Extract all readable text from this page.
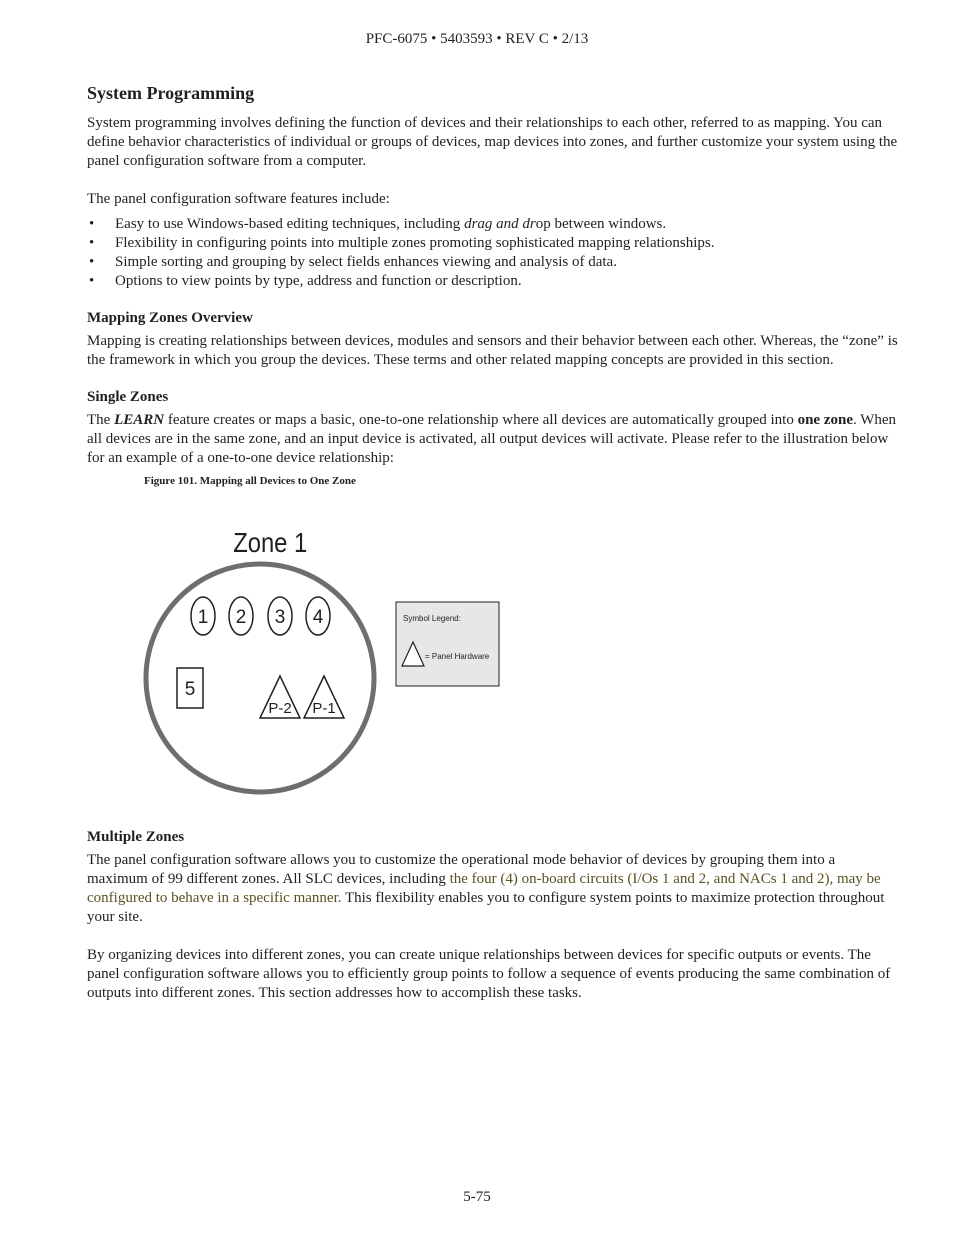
PFC-6075 • 5403593 • REV C • 2/13
System Programming

System programming involves defining the function of devices and their relationships to each other, referred to as mapping. You can define behavior characteristics of individual or groups of devices, map devices into zones, and further customize your system using the panel configuration software from a computer.

The panel configuration software features include:

• Easy to use Windows-based editing techniques, including drag and drop between windows.
• Flexibility in configuring points into multiple zones promoting sophisticated mapping relationships.
• Simple sorting and grouping by select fields enhances viewing and analysis of data.
• Options to view points by type, address and function or description.
Mapping Zones Overview

Mapping is creating relationships between devices, modules and sensors and their behavior between each other. Whereas, the “zone” is the framework in which you group the devices. These terms and other related mapping concepts are provided in this section.

Single Zones

The LEARN feature creates or maps a basic, one-to-one relationship where all devices are automatically grouped into one zone. When all devices are in the same zone, and an input device is activated, all output devices will activate. Please refer to the illustration below for an example of a one-to-one device relationship:

Figure 101. Mapping all Devices to One Zone
Zone 1
1 2 3 4
5
P-2 P-1
Symbol Legend:
= Panel Hardware
Multiple Zones

The panel configuration software allows you to customize the operational mode behavior of devices by grouping them into a maximum of 99 different zones. All SLC devices, including the four (4) on-board circuits (I/Os 1 and 2, and NACs 1 and 2), may be configured to behave in a specific manner. This flexibility enables you to configure system points to maximize protection throughout your site.

By organizing devices into different zones, you can create unique relationships between devices for specific outputs or events. The panel configuration software allows you to efficiently group points to follow a sequence of events producing the same combination of outputs into different zones. This section addresses how to accomplish these tasks.

5-75
